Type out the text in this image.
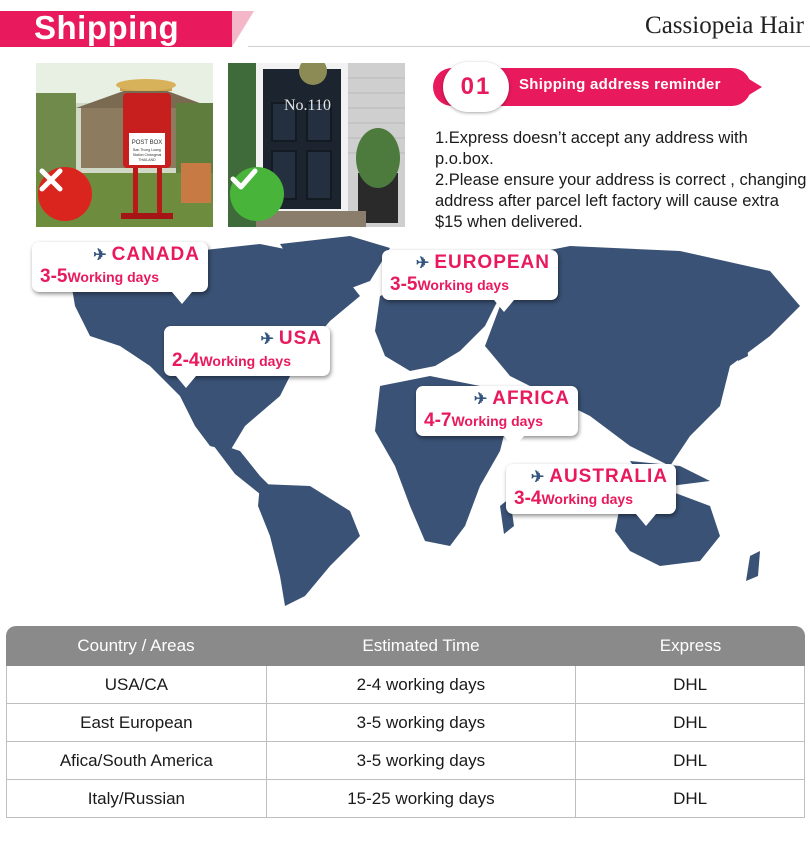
Shipping	Cassiopeia Hair
POST BOX
Ban Thong Luang
Station Chiangmai
THAILAND
No.110
01	Shipping address reminder

1.Express doesn’t accept any address with p.o.box.

2.Please ensure your address is correct , changing address after parcel left factory will cause extra $15 when delivered.

✈ CANADA
3-5Working days
✈ USA
2-4Working days
✈ EUROPEAN
3-5Working days
✈ AFRICA
4-7Working days
✈ AUSTRALIA
3-4Working days
Country / Areas	Estimated Time	Express
USA/CA	2-4 working days	DHL
East European	3-5 working days	DHL
Afica/South America	3-5 working days	DHL
Italy/Russian	15-25 working days	DHL
